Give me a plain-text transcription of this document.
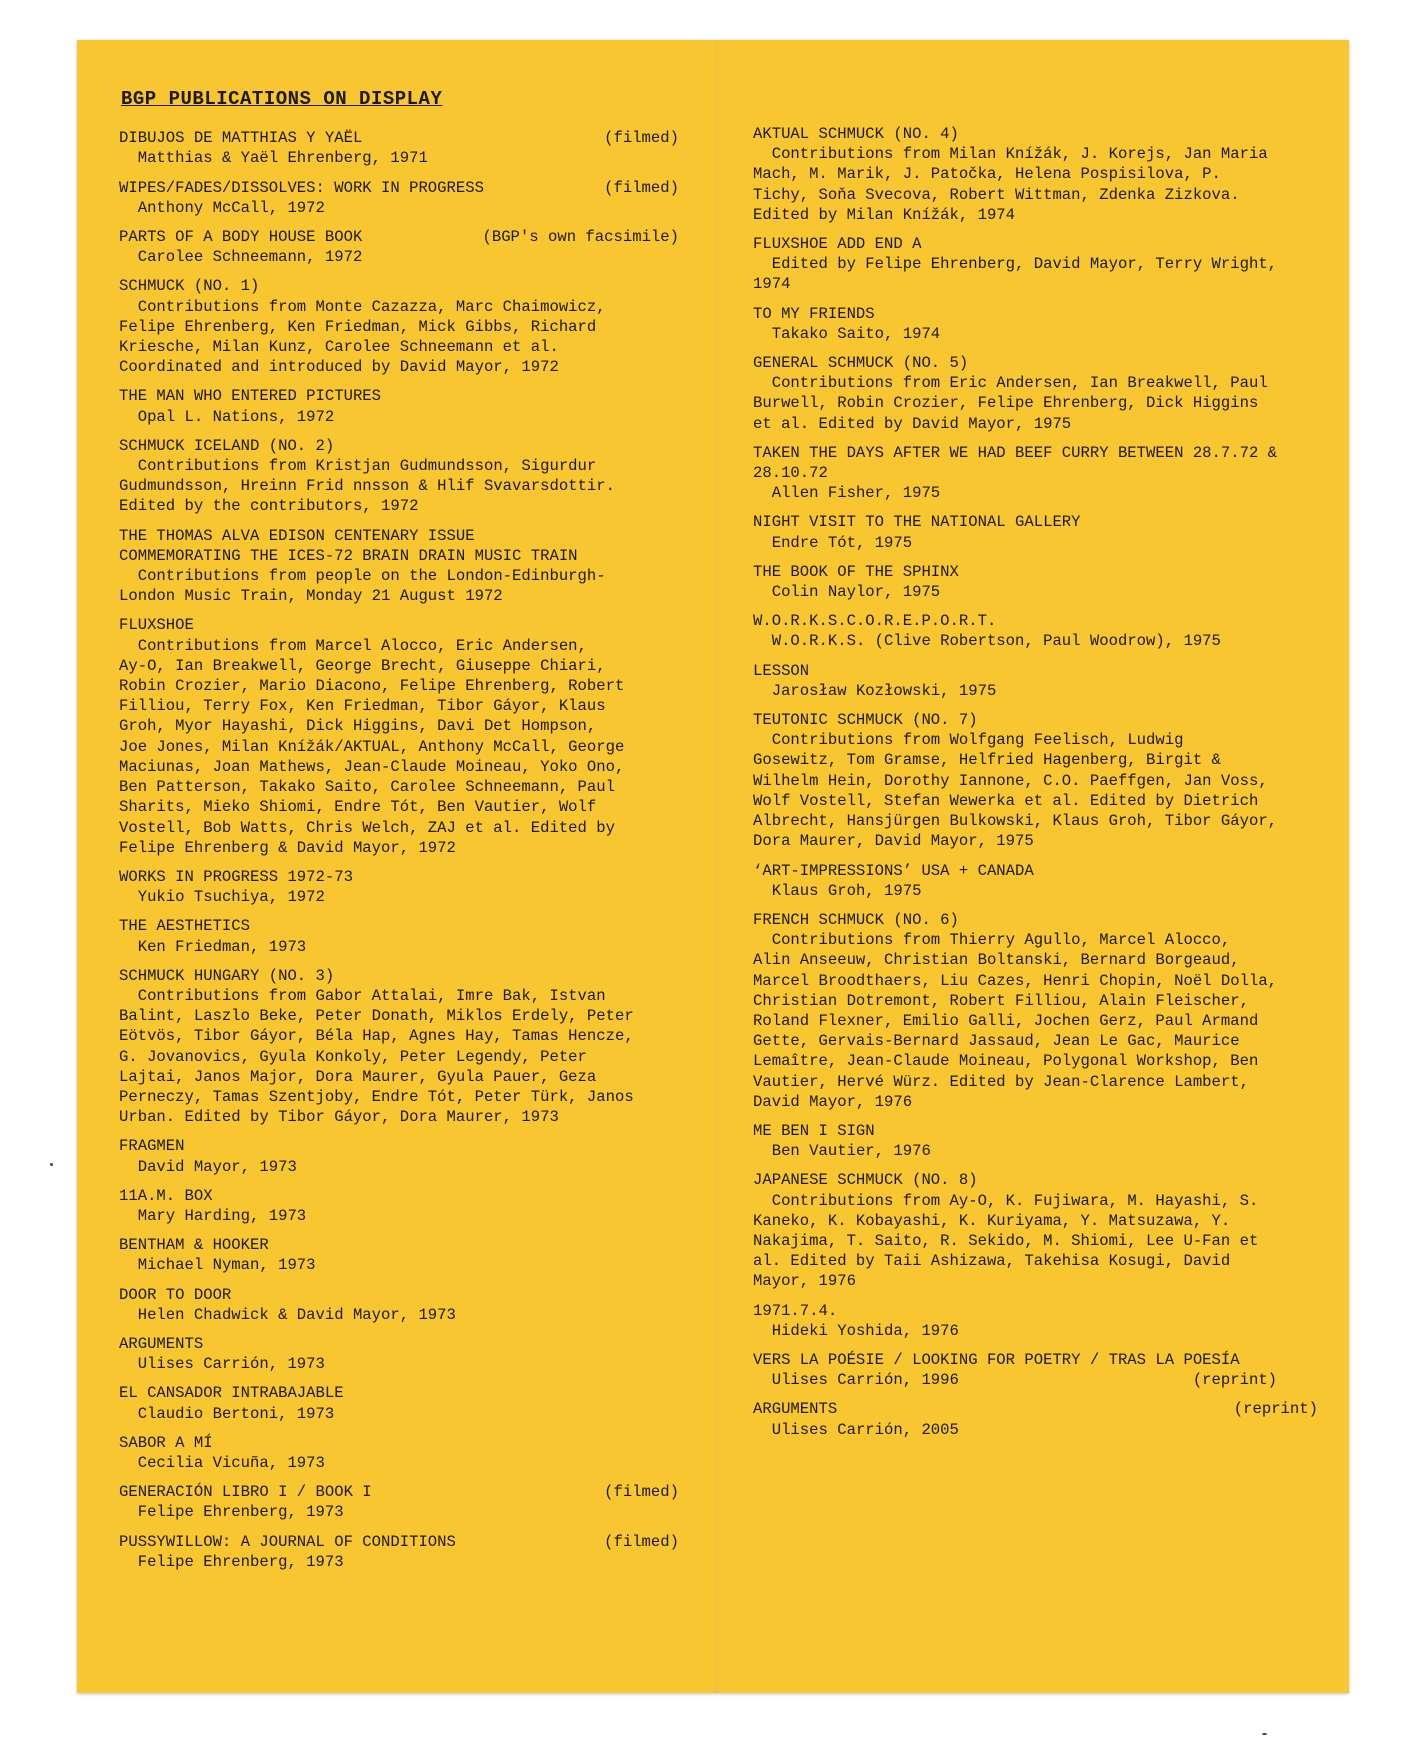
BGP PUBLICATIONS ON DISPLAY
DIBUJOS DE MATTHIAS Y YAËL	(filmed)
Matthias & Yaël Ehrenberg, 1971
WIPES/FADES/DISSOLVES: WORK IN PROGRESS	(filmed)
Anthony McCall, 1972
PARTS OF A BODY HOUSE BOOK	(BGP's own facsimile)
Carolee Schneemann, 1972
SCHMUCK (NO. 1)
Contributions from Monte Cazazza, Marc Chaimowicz,
Felipe Ehrenberg, Ken Friedman, Mick Gibbs, Richard
Kriesche, Milan Kunz, Carolee Schneemann et al.
Coordinated and introduced by David Mayor, 1972
THE MAN WHO ENTERED PICTURES
Opal L. Nations, 1972
SCHMUCK ICELAND (NO. 2)
Contributions from Kristjan Gudmundsson, Sigurdur
Gudmundsson, Hreinn Frid nnsson & Hlif Svavarsdottir.
Edited by the contributors, 1972
THE THOMAS ALVA EDISON CENTENARY ISSUE
COMMEMORATING THE ICES-72 BRAIN DRAIN MUSIC TRAIN
Contributions from people on the London-Edinburgh-
London Music Train, Monday 21 August 1972
FLUXSHOE
Contributions from Marcel Alocco, Eric Andersen,
Ay-O, Ian Breakwell, George Brecht, Giuseppe Chiari,
Robin Crozier, Mario Diacono, Felipe Ehrenberg, Robert
Filliou, Terry Fox, Ken Friedman, Tibor Gáyor, Klaus
Groh, Myor Hayashi, Dick Higgins, Davi Det Hompson,
Joe Jones, Milan Knížák/AKTUAL, Anthony McCall, George
Maciunas, Joan Mathews, Jean-Claude Moineau, Yoko Ono,
Ben Patterson, Takako Saito, Carolee Schneemann, Paul
Sharits, Mieko Shiomi, Endre Tót, Ben Vautier, Wolf
Vostell, Bob Watts, Chris Welch, ZAJ et al. Edited by
Felipe Ehrenberg & David Mayor, 1972
WORKS IN PROGRESS 1972-73
Yukio Tsuchiya, 1972
THE AESTHETICS
Ken Friedman, 1973
SCHMUCK HUNGARY (NO. 3)
Contributions from Gabor Attalai, Imre Bak, Istvan
Balint, Laszlo Beke, Peter Donath, Miklos Erdely, Peter
Eötvös, Tibor Gáyor, Béla Hap, Agnes Hay, Tamas Hencze,
G. Jovanovics, Gyula Konkoly, Peter Legendy, Peter
Lajtai, Janos Major, Dora Maurer, Gyula Pauer, Geza
Perneczy, Tamas Szentjoby, Endre Tót, Peter Türk, Janos
Urban. Edited by Tibor Gáyor, Dora Maurer, 1973
FRAGMEN
David Mayor, 1973
11A.M. BOX
Mary Harding, 1973
BENTHAM & HOOKER
Michael Nyman, 1973
DOOR TO DOOR
Helen Chadwick & David Mayor, 1973
ARGUMENTS
Ulises Carrión, 1973
EL CANSADOR INTRABAJABLE
Claudio Bertoni, 1973
SABOR A MÍ
Cecilia Vicuña, 1973
GENERACIÓN LIBRO I / BOOK I	(filmed)
Felipe Ehrenberg, 1973
PUSSYWILLOW: A JOURNAL OF CONDITIONS	(filmed)
Felipe Ehrenberg, 1973
AKTUAL SCHMUCK (NO. 4)
Contributions from Milan Knížák, J. Korejs, Jan Maria
Mach, M. Marik, J. Patočka, Helena Pospisilova, P.
Tichy, Soňa Svecova, Robert Wittman, Zdenka Zizkova.
Edited by Milan Knížák, 1974
FLUXSHOE ADD END A
Edited by Felipe Ehrenberg, David Mayor, Terry Wright,
1974
TO MY FRIENDS
Takako Saito, 1974
GENERAL SCHMUCK (NO. 5)
Contributions from Eric Andersen, Ian Breakwell, Paul
Burwell, Robin Crozier, Felipe Ehrenberg, Dick Higgins
et al. Edited by David Mayor, 1975
TAKEN THE DAYS AFTER WE HAD BEEF CURRY BETWEEN 28.7.72 &
28.10.72
Allen Fisher, 1975
NIGHT VISIT TO THE NATIONAL GALLERY
Endre Tót, 1975
THE BOOK OF THE SPHINX
Colin Naylor, 1975
W.O.R.K.S.C.O.R.E.P.O.R.T.
W.O.R.K.S. (Clive Robertson, Paul Woodrow), 1975
LESSON
Jarosław Kozłowski, 1975
TEUTONIC SCHMUCK (NO. 7)
Contributions from Wolfgang Feelisch, Ludwig
Gosewitz, Tom Gramse, Helfried Hagenberg, Birgit &
Wilhelm Hein, Dorothy Iannone, C.O. Paeffgen, Jan Voss,
Wolf Vostell, Stefan Wewerka et al. Edited by Dietrich
Albrecht, Hansjürgen Bulkowski, Klaus Groh, Tibor Gáyor,
Dora Maurer, David Mayor, 1975
‘ART-IMPRESSIONS’ USA + CANADA
Klaus Groh, 1975
FRENCH SCHMUCK (NO. 6)
Contributions from Thierry Agullo, Marcel Alocco,
Alin Anseeuw, Christian Boltanski, Bernard Borgeaud,
Marcel Broodthaers, Liu Cazes, Henri Chopin, Noël Dolla,
Christian Dotremont, Robert Filliou, Alain Fleischer,
Roland Flexner, Emilio Galli, Jochen Gerz, Paul Armand
Gette, Gervais-Bernard Jassaud, Jean Le Gac, Maurice
Lemaître, Jean-Claude Moineau, Polygonal Workshop, Ben
Vautier, Hervé Würz. Edited by Jean-Clarence Lambert,
David Mayor, 1976
ME BEN I SIGN
Ben Vautier, 1976
JAPANESE SCHMUCK (NO. 8)
Contributions from Ay-O, K. Fujiwara, M. Hayashi, S.
Kaneko, K. Kobayashi, K. Kuriyama, Y. Matsuzawa, Y.
Nakajima, T. Saito, R. Sekido, M. Shiomi, Lee U-Fan et
al. Edited by Taii Ashizawa, Takehisa Kosugi, David
Mayor, 1976
1971.7.4.
Hideki Yoshida, 1976
VERS LA POÉSIE / LOOKING FOR POETRY / TRAS LA POESÍA
Ulises Carrión, 1996                         (reprint)
ARGUMENTS	(reprint)
Ulises Carrión, 2005
